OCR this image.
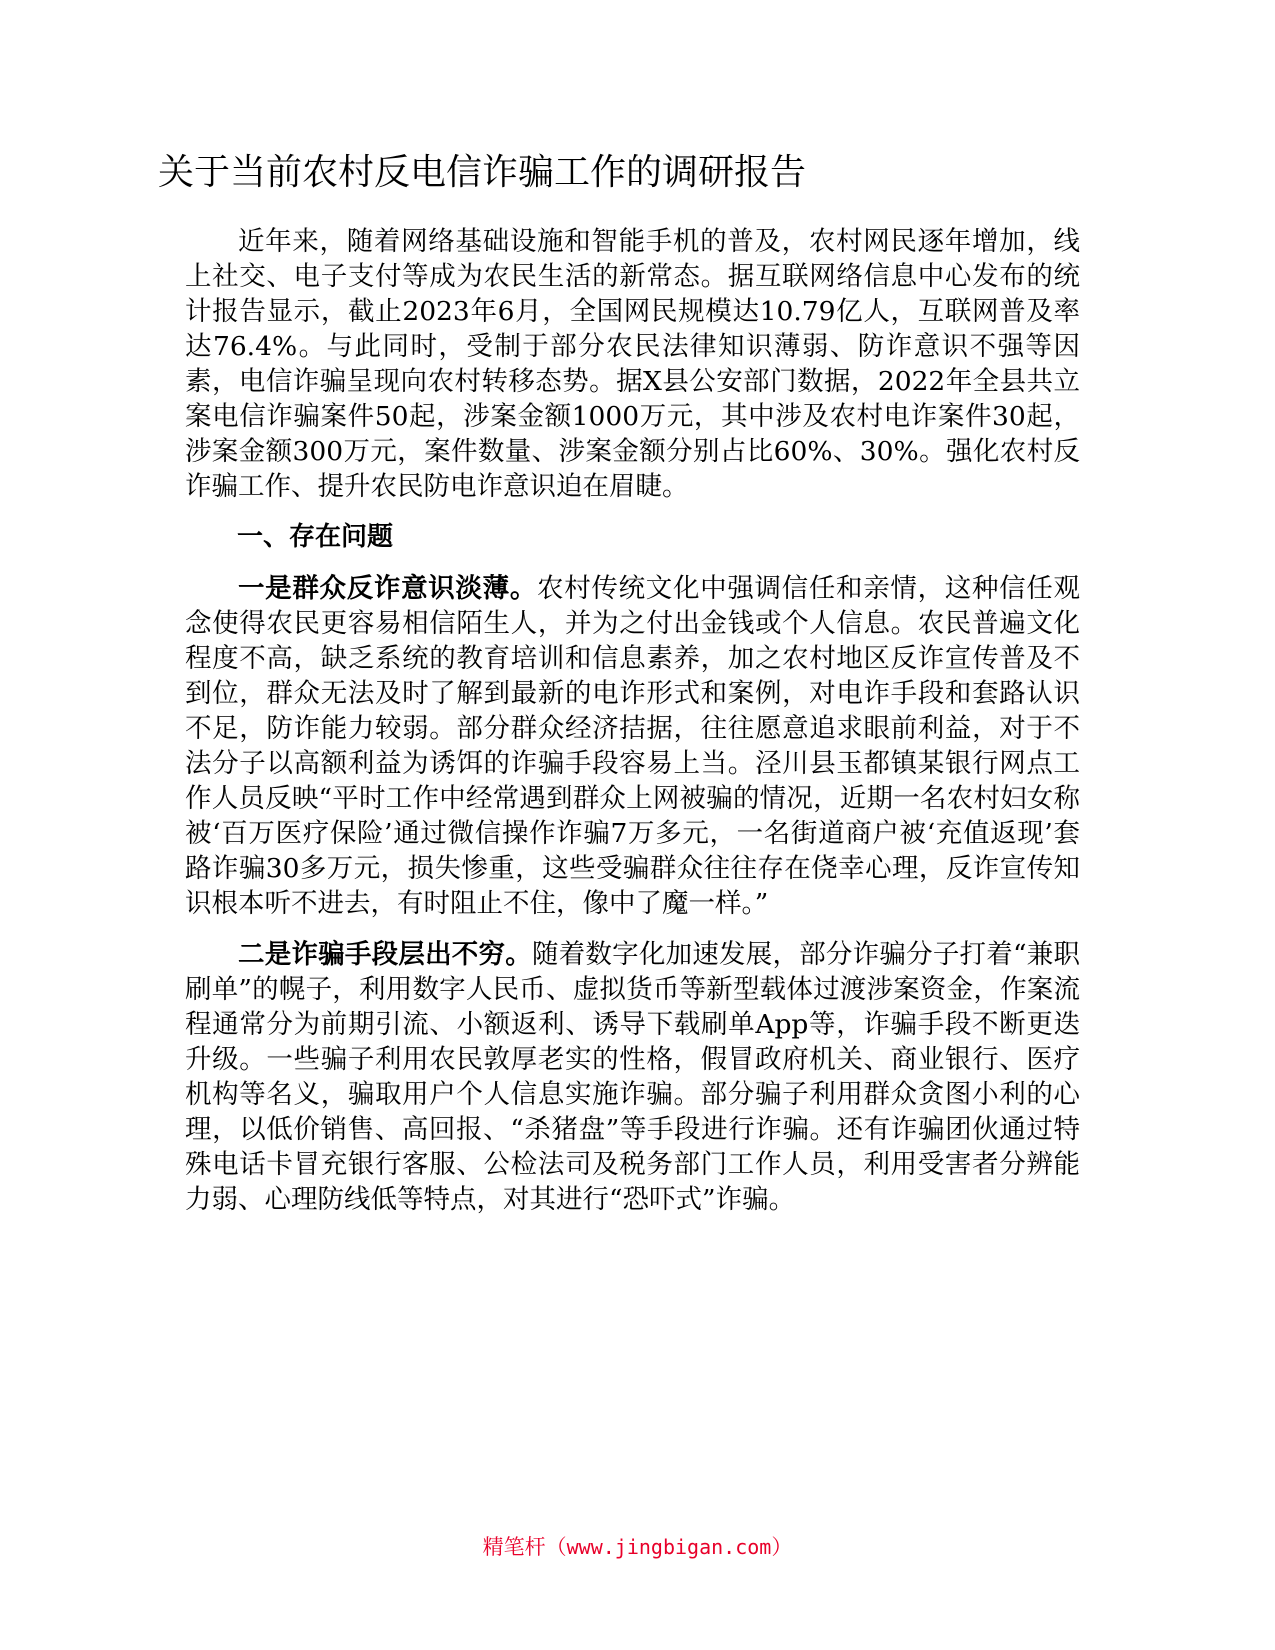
关于当前农村反电信诈骗工作的调研报告

近年来，随着网络基础设施和智能手机的普及，农村网民逐年增加，线上社交、电子支付等成为农民生活的新常态。据互联网络信息中心发布的统计报告显示，截止2023年6月，全国网民规模达10.79亿人，互联网普及率达76.4%。与此同时，受制于部分农民法律知识薄弱、防诈意识不强等因素，电信诈骗呈现向农村转移态势。据X县公安部门数据，2022年全县共立案电信诈骗案件50起，涉案金额1000万元，其中涉及农村电诈案件30起，涉案金额300万元，案件数量、涉案金额分别占比60%、30%。强化农村反诈骗工作、提升农民防电诈意识迫在眉睫。

一、存在问题

一是群众反诈意识淡薄。农村传统文化中强调信任和亲情，这种信任观念使得农民更容易相信陌生人，并为之付出金钱或个人信息。农民普遍文化程度不高，缺乏系统的教育培训和信息素养，加之农村地区反诈宣传普及不到位，群众无法及时了解到最新的电诈形式和案例，对电诈手段和套路认识不足，防诈能力较弱。部分群众经济拮据，往往愿意追求眼前利益，对于不法分子以高额利益为诱饵的诈骗手段容易上当。泾川县玉都镇某银行网点工作人员反映“平时工作中经常遇到群众上网被骗的情况，近期一名农村妇女称被‘百万医疗保险’通过微信操作诈骗7万多元，一名街道商户被‘充值返现’套路诈骗30多万元，损失惨重，这些受骗群众往往存在侥幸心理，反诈宣传知识根本听不进去，有时阻止不住，像中了魔一样。”

二是诈骗手段层出不穷。随着数字化加速发展，部分诈骗分子打着“兼职刷单”的幌子，利用数字人民币、虚拟货币等新型载体过渡涉案资金，作案流程通常分为前期引流、小额返利、诱导下载刷单App等，诈骗手段不断更迭升级。一些骗子利用农民敦厚老实的性格，假冒政府机关、商业银行、医疗机构等名义，骗取用户个人信息实施诈骗。部分骗子利用群众贪图小利的心理，以低价销售、高回报、“杀猪盘”等手段进行诈骗。还有诈骗团伙通过特殊电话卡冒充银行客服、公检法司及税务部门工作人员，利用受害者分辨能力弱、心理防线低等特点，对其进行“恐吓式”诈骗。

精笔杆（www.jingbigan.com）
